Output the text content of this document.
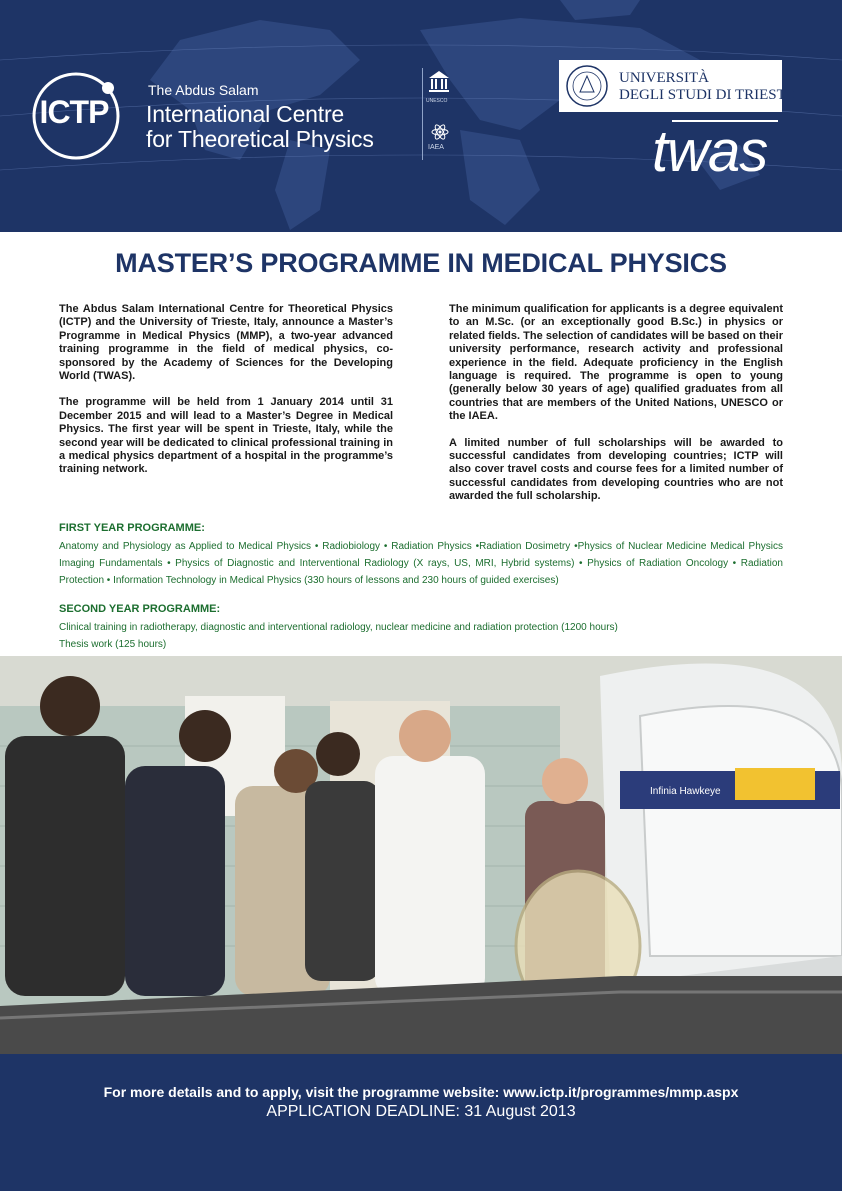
ICTP
The Abdus Salam
International Centre
for Theoretical Physics
UNESCO
IAEA
UNIVERSITÀ
DEGLI STUDI DI TRIESTE
twas
MASTER’S PROGRAMME IN MEDICAL PHYSICS

The Abdus Salam International Centre for Theoretical Physics (ICTP) and the University of Trieste, Italy, announce a Master’s Programme in Medical Physics (MMP), a two-year advanced training programme in the field of medical physics, co-sponsored by the Academy of Sciences for the Developing World (TWAS).

The programme will be held from 1 January 2014 until 31 December 2015 and will lead to a Master’s Degree in Medical Physics. The first year will be spent in Trieste, Italy, while the second year will be dedicated to clinical professional training in a medical physics department of a hospital in the programme’s training network.

The minimum qualification for applicants is a degree equivalent to an M.Sc. (or an exceptionally good B.Sc.) in physics or related fields. The selection of candidates will be based on their university performance, research activity and professional experience in the field. Adequate proficiency in the English language is required. The programme is open to young (generally below 30 years of age) qualified graduates from all countries that are members of the United Nations, UNESCO or the IAEA.

A limited number of full scholarships will be awarded to successful candidates from developing countries; ICTP will also cover travel costs and course fees for a limited number of successful candidates from developing countries who are not awarded the full scholarship.

FIRST YEAR PROGRAMME:
Anatomy and Physiology as Applied to Medical Physics • Radiobiology • Radiation Physics •Radiation Dosimetry •Physics of Nuclear Medicine Medical Physics Imaging Fundamentals • Physics of Diagnostic and Interventional Radiology (X rays, US, MRI, Hybrid systems) • Physics of Radiation Oncology • Radiation Protection • Information Technology in Medical Physics (330 hours of lessons and 230 hours of guided exercises)
SECOND YEAR PROGRAMME:
Clinical training in radiotherapy, diagnostic and interventional radiology, nuclear medicine and radiation protection (1200 hours)
Thesis work (125 hours)
Infinia Hawkeye
For more details and to apply, visit the programme website: www.ictp.it/programmes/mmp.aspx
APPLICATION DEADLINE: 31 August 2013
